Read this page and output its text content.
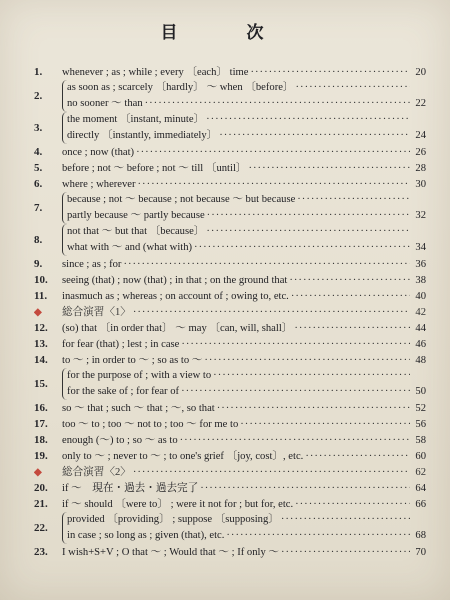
目　次
1.	whenever ; as ; while ; every 〔each〕 time ·····	20
2.
as soon as ; scarcely 〔hardly〕 ～ when 〔before〕
·····
no sooner ～ than ·····	22
3.
the moment 〔instant, minute〕
·····
directly 〔instantly, immediately〕 ·····	24
4.	once ; now (that) ·····	26
5.	before ; not ～ before ; not ～ till 〔until〕 ·····	28
6.	where ; wherever ·····	30
7.
because ; not ～ because ; not because ～ but because
·····
partly because ～ partly because ·····	32
8.
not that ～ but that 〔because〕
·····
what with ～ and (what with) ·····	34
9.	since ; as ; for ·····	36
10.	seeing (that) ; now (that) ; in that ; on the ground that ·····	38
11.	inasmuch as ; whereas ; on account of ; owing to, etc. ·····	40
◆	総合演習〈1〉 ·····	42
12.	(so) that 〔in order that〕 ～ may 〔can, will, shall〕 ·····	44
13.	for fear (that) ; lest ; in case ·····	46
14.	to ～ ; in order to ～ ; so as to ～ ·····	48
15.
for the purpose of ; with a view to
·····
for the sake of ; for fear of ·····	50
16.	so ～ that ; such ～ that ; ～, so that ·····	52
17.	too ～ to ; too ～ not to ; too ～ for me to ·····	56
18.	enough (～) to ; so ～ as to ·····	58
19.	only to ～ ; never to ～ ; to one's grief 〔joy, cost〕, etc. ·····	60
◆	総合演習〈2〉 ·····	62
20.	if ～　現在・過去・過去完了 ·····	64
21.	if ～ should 〔were to〕 ; were it not for ; but for, etc. ·····	66
22.
provided 〔providing〕 ; suppose 〔supposing〕
·····
in case ; so long as ; given (that), etc. ·····	68
23.	I wish+S+V ; O that ～ ; Would that ～ ; If only ～ ·····	70
